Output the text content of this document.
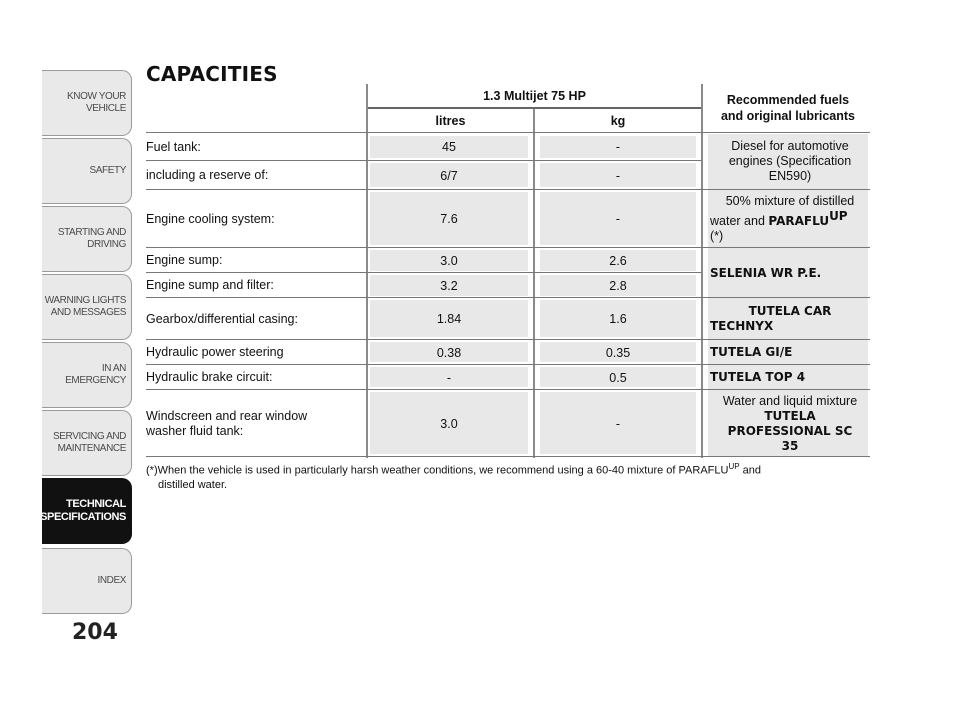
KNOW YOUR
VEHICLE
SAFETY
STARTING AND
DRIVING
WARNING LIGHTS
AND MESSAGES
IN AN EMERGENCY
SERVICING AND
MAINTENANCE
TECHNICAL
SPECIFICATIONS
INDEX
204
CAPACITIES
1.3 Multijet 75 HP
litres	kg
Recommended fuels
and original lubricants
Fuel tank:
including a reserve of:
Engine cooling system:
Engine sump:
Engine sump and filter:
Gearbox/differential casing:
Hydraulic power steering
Hydraulic brake circuit:
Windscreen and rear window
washer fluid tank:
45
6/7
7.6
3.0
3.2
1.84
0.38
-
3.0
-
-
-
2.6
2.8
1.6
0.35
0.5
-
Diesel for automotive
engines (Specification
EN590)
50% mixture of distilled
water and $PARAFLU^{UP}$
(*)
SELENIA WR P.E.
TUTELA CAR
TECHNYX
TUTELA GI/E
TUTELA TOP 4
Water and liquid mixture
TUTELA
PROFESSIONAL SC
35
(*)When the vehicle is used in particularly harsh weather conditions, we recommend using a 60-40 mixture of $PARAFLU^{UP}$ and
distilled water.
